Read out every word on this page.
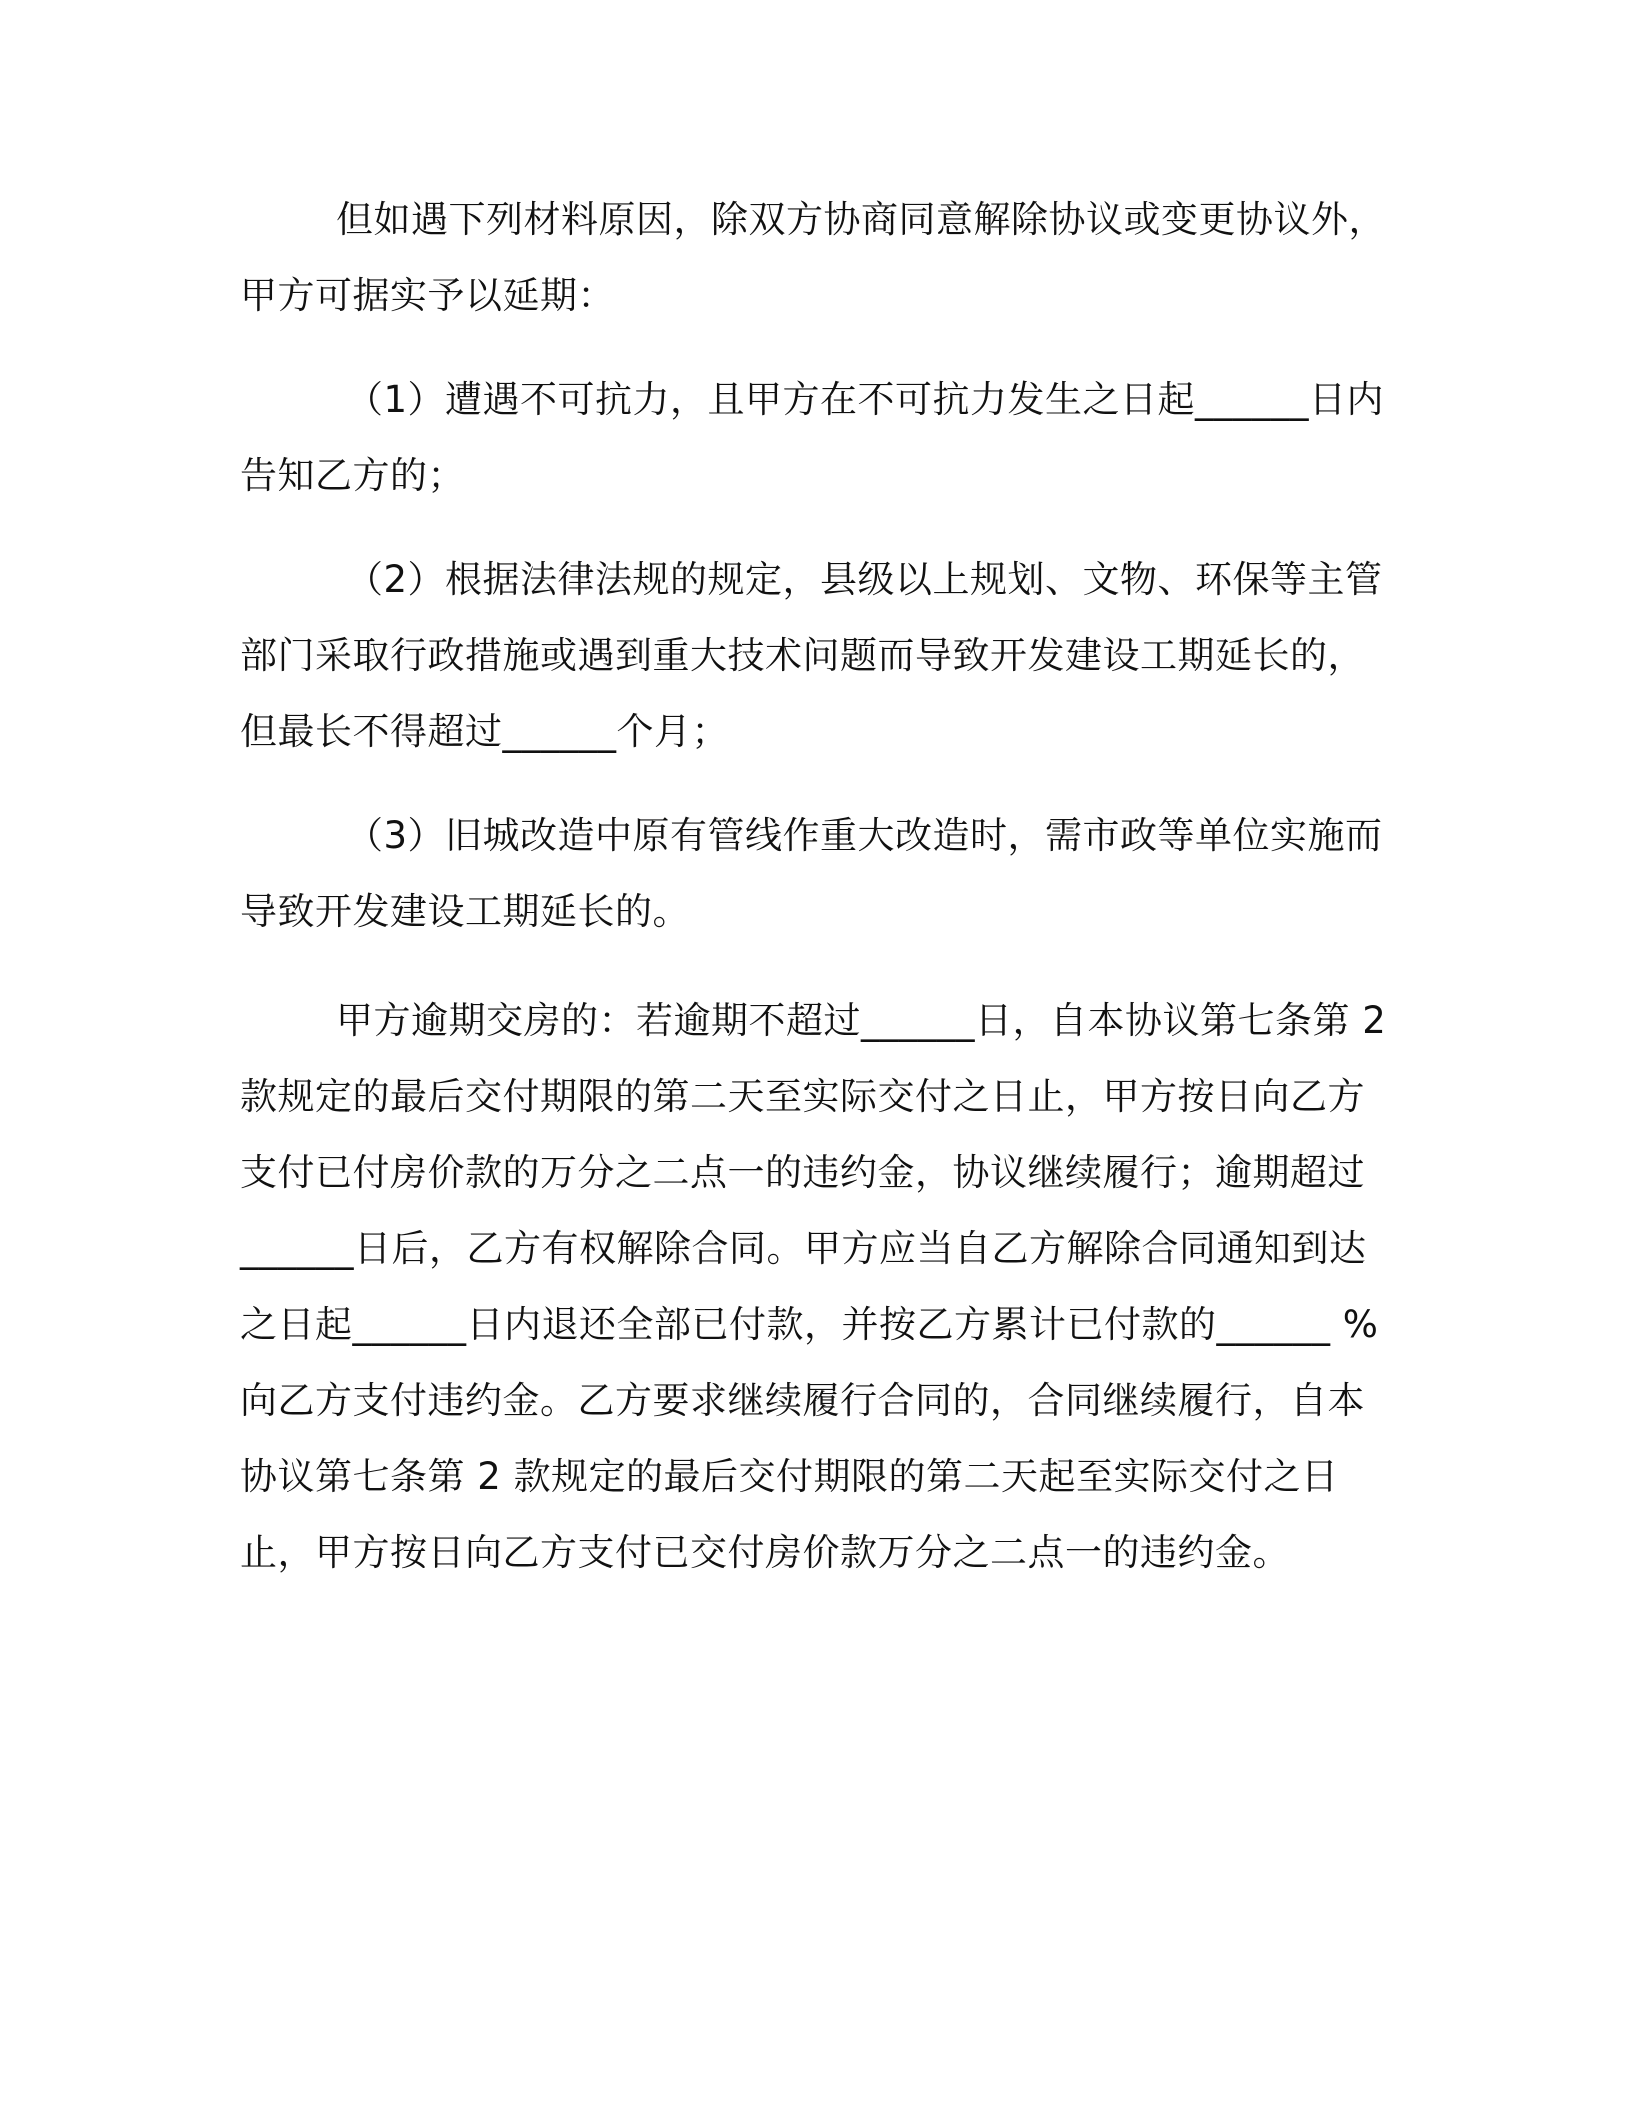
但如遇下列材料原因，除双方协商同意解除协议或变更协议外，甲方可据实予以延期：

（1）遭遇不可抗力，且甲方在不可抗力发生之日起______日内告知乙方的；

（2）根据法律法规的规定，县级以上规划、文物、环保等主管部门采取行政措施或遇到重大技术问题而导致开发建设工期延长的，但最长不得超过______个月；

（3）旧城改造中原有管线作重大改造时，需市政等单位实施而导致开发建设工期延长的。

甲方逾期交房的：若逾期不超过______日，自本协议第七条第 2 款规定的最后交付期限的第二天至实际交付之日止，甲方按日向乙方支付已付房价款的万分之二点一的违约金，协议继续履行；逾期超过______日后，乙方有权解除合同。甲方应当自乙方解除合同通知到达之日起______日内退还全部已付款，并按乙方累计已付款的______ %向乙方支付违约金。乙方要求继续履行合同的，合同继续履行，自本协议第七条第 2 款规定的最后交付期限的第二天起至实际交付之日止，甲方按日向乙方支付已交付房价款万分之二点一的违约金。
